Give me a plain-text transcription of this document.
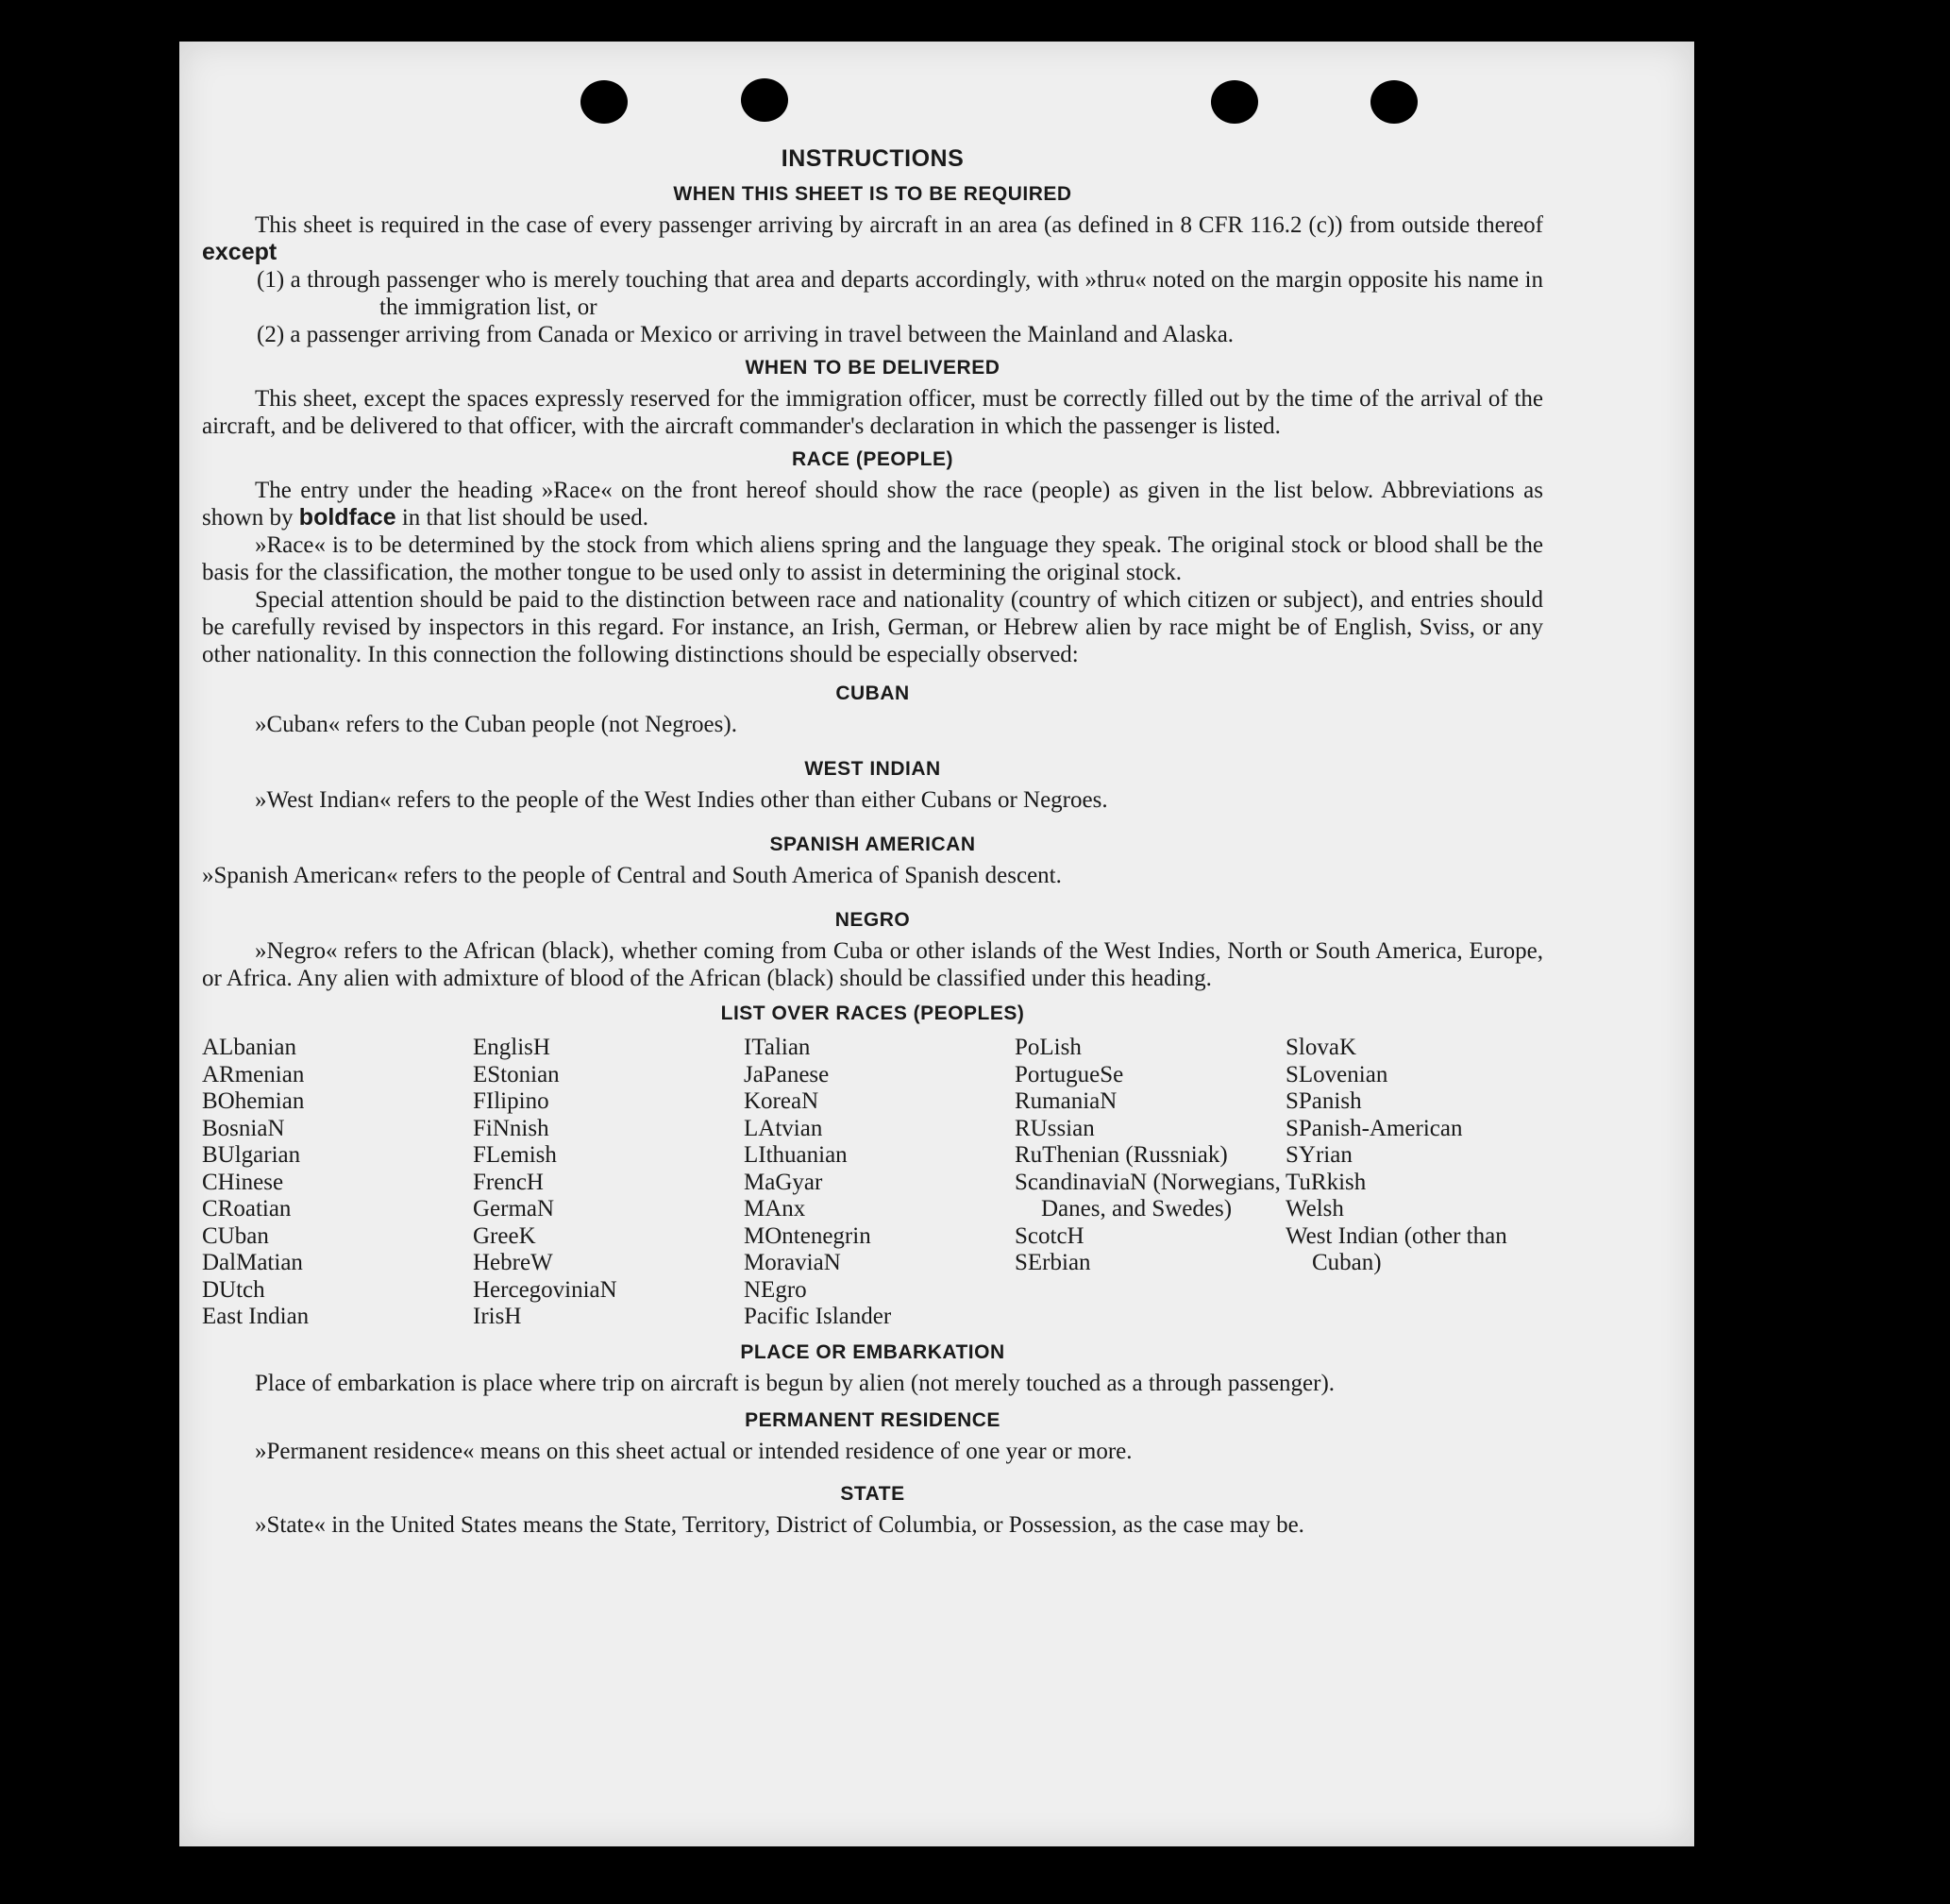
INSTRUCTIONS
WHEN THIS SHEET IS TO BE REQUIRED

This sheet is required in the case of every passenger arriving by aircraft in an area (as defined in 8 CFR 116.2 (c)) from outside thereof except

(1) a through passenger who is merely touching that area and departs accordingly, with »thru« noted on the margin opposite his name in the immigration list, or

(2) a passenger arriving from Canada or Mexico or arriving in travel between the Mainland and Alaska.

WHEN TO BE DELIVERED

This sheet, except the spaces expressly reserved for the immigration officer, must be correctly filled out by the time of the arrival of the aircraft, and be delivered to that officer, with the aircraft commander's declaration in which the passenger is listed.

RACE (PEOPLE)

The entry under the heading »Race« on the front hereof should show the race (people) as given in the list below. Abbreviations as shown by boldface in that list should be used.

»Race« is to be determined by the stock from which aliens spring and the language they speak. The original stock or blood shall be the basis for the classification, the mother tongue to be used only to assist in determining the original stock.

Special attention should be paid to the distinction between race and nationality (country of which citizen or subject), and entries should be carefully revised by inspectors in this regard. For instance, an Irish, German, or Hebrew alien by race might be of English, Sviss, or any other nationality. In this connection the following distinctions should be especially observed:

CUBAN

»Cuban« refers to the Cuban people (not Negroes).

WEST INDIAN

»West Indian« refers to the people of the West Indies other than either Cubans or Negroes.

SPANISH AMERICAN

»Spanish American« refers to the people of Central and South America of Spanish descent.

NEGRO

»Negro« refers to the African (black), whether coming from Cuba or other islands of the West Indies, North or South America, Europe, or Africa. Any alien with admixture of blood of the African (black) should be classified under this heading.

LIST OVER RACES (PEOPLES)
ALbanian
ARmenian
BOhemian
BosniaN
BUlgarian
CHinese
CRoatian
CUban
DalMatian
DUtch
East Indian
EnglisH
EStonian
FIlipino
FiNnish
FLemish
FrencH
GermaN
GreeK
HebreW
HercegoviniaN
IrisH
ITalian
JaPanese
KoreaN
LAtvian
LIthuanian
MaGyar
MAnx
MOntenegrin
MoraviaN
NEgro
Pacific Islander
PoLish
PortugueSe
RumaniaN
RUssian
RuThenian (Russniak)
ScandinaviaN (Norwegians, Danes, and Swedes)
ScotcH
SErbian
SlovaK
SLovenian
SPanish
SPanish-American
SYrian
TuRkish
Welsh
West Indian (other than Cuban)
PLACE OR EMBARKATION

Place of embarkation is place where trip on aircraft is begun by alien (not merely touched as a through passenger).

PERMANENT RESIDENCE

»Permanent residence« means on this sheet actual or intended residence of one year or more.

STATE

»State« in the United States means the State, Territory, District of Columbia, or Possession, as the case may be.
